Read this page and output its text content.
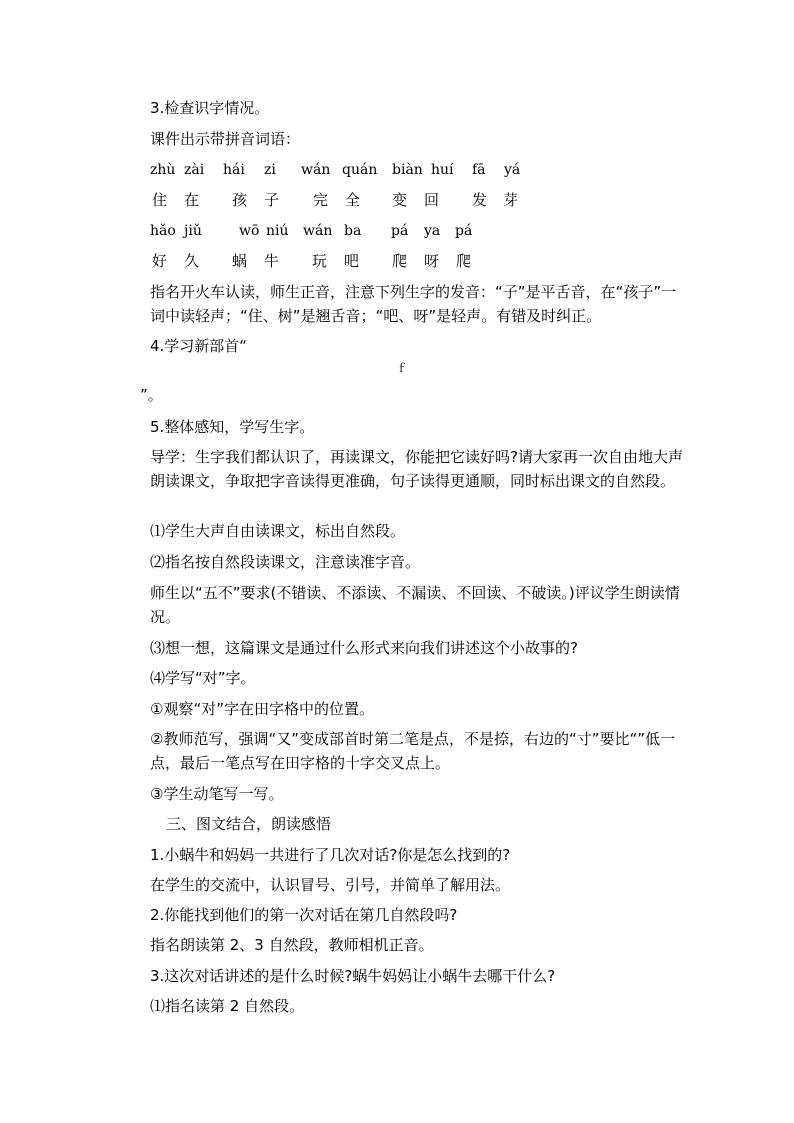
3.检查识字情况。
课件出示带拼音词语：
zhù zài hái zi wán quán biàn huí fā yá
住 在 孩 子 完 全 变 回 发 芽
hǎo jiǔ	wō niú wán ba pá ya pá
好 久 蜗 牛 玩 吧 爬 呀 爬
指名开火车认读，师生正音，注意下列生字的发音：“子”是平舌音，在“孩子”一词中读轻声；“住、树”是翘舌音；“吧、呀”是轻声。有错及时纠正。
4.学习新部首“
ｆ
”。
5.整体感知，学写生字。
导学：生字我们都认识了，再读课文，你能把它读好吗?请大家再一次自由地大声朗读课文，争取把字音读得更准确，句子读得更通顺，同时标出课文的自然段。
⑴学生大声自由读课文，标出自然段。
⑵指名按自然段读课文，注意读准字音。
师生以“五不”要求(不错读、不添读、不漏读、不回读、不破读。)评议学生朗读情况。
⑶想一想，这篇课文是通过什么形式来向我们讲述这个小故事的?
⑷学写“对”字。
①观察“对”字在田字格中的位置。
②教师范写，强调“又”变成部首时第二笔是点，不是捺，右边的“寸”要比“”低一点，最后一笔点写在田字格的十字交叉点上。
③学生动笔写一写。
三、图文结合，朗读感悟
1.小蜗牛和妈妈一共进行了几次对话?你是怎么找到的?
在学生的交流中，认识冒号、引号，并简单了解用法。
2.你能找到他们的第一次对话在第几自然段吗?
指名朗读第 2、3 自然段，教师相机正音。
3.这次对话讲述的是什么时候?蜗牛妈妈让小蜗牛去哪干什么?
⑴指名读第 2 自然段。
